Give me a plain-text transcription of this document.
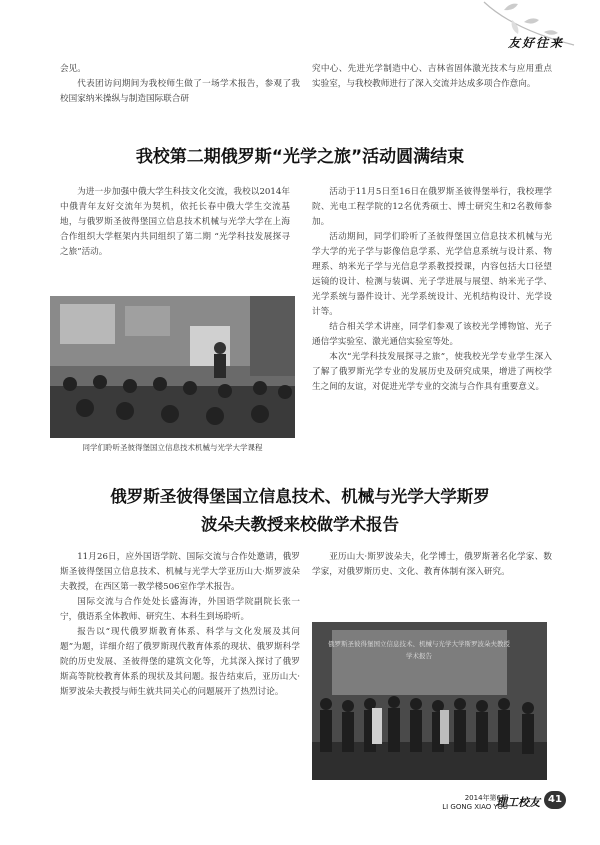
友好往来

会见。

代表团访问期间为我校师生做了一场学术报告，参观了我校国家纳米操纵与制造国际联合研

究中心、先进光学制造中心、吉林省固体激光技术与应用重点实验室，与我校教师进行了深入交流并达成多项合作意向。

我校第二期俄罗斯“光学之旅”活动圆满结束

为进一步加强中俄大学生科技文化交流，我校以2014年中俄青年友好交流年为契机，依托长春中俄大学生交流基地，与俄罗斯圣彼得堡国立信息技术机械与光学大学在上海合作组织大学框架内共同组织了第二期 “光学科技发展探寻之旅”活动。

同学们聆听圣彼得堡国立信息技术机械与光学大学课程

活动于11月5日至16日在俄罗斯圣彼得堡举行，我校理学院、光电工程学院的12名优秀硕士、博士研究生和2名教师参加。

活动期间，同学们聆听了圣彼得堡国立信息技术机械与光学大学的光子学与影像信息学系、光学信息系统与设计系、物理系、纳米光子学与光信息学系教授授课，内容包括大口径望远镜的设计、检测与装调、光子学进展与展望、纳米光子学、光学系统与器件设计、光学系统设计、光机结构设计、光学设计等。

结合相关学术讲座，同学们参观了该校光学博物馆、光子通信学实验室、激光通信实验室等处。

本次“光学科技发展探寻之旅”，使我校光学专业学生深入了解了俄罗斯光学专业的发展历史及研究成果，增进了两校学生之间的友谊，对促进光学专业的交流与合作具有重要意义。

俄罗斯圣彼得堡国立信息技术、机械与光学大学斯罗
波朵夫教授来校做学术报告

11月26日，应外国语学院、国际交流与合作处邀请，俄罗斯圣彼得堡国立信息技术、机械与光学大学亚历山大·斯罗波朵夫教授，在西区第一教学楼506室作学术报告。

国际交流与合作处处长盛海涛，外国语学院副院长张一宁，俄语系全体教师、研究生、本科生到场聆听。

报告以“现代俄罗斯教育体系、科学与文化发展及其问题”为题，详细介绍了俄罗斯现代教育体系的现状、俄罗斯科学院的历史发展、圣彼得堡的建筑文化等，尤其深入探讨了俄罗斯高等院校教育体系的现状及其问题。报告结束后，亚历山大·斯罗波朵夫教授与师生就共同关心的问题展开了热烈讨论。

亚历山大·斯罗波朵夫，化学博士，俄罗斯著名化学家、数学家，对俄罗斯历史、文化、教育体制有深入研究。

俄罗斯圣彼得堡国立信息技术、机械与光学大学斯罗波朵夫教授
学术报告
2014年第6期
LI GONG XIAO YOU
理工校友 41
